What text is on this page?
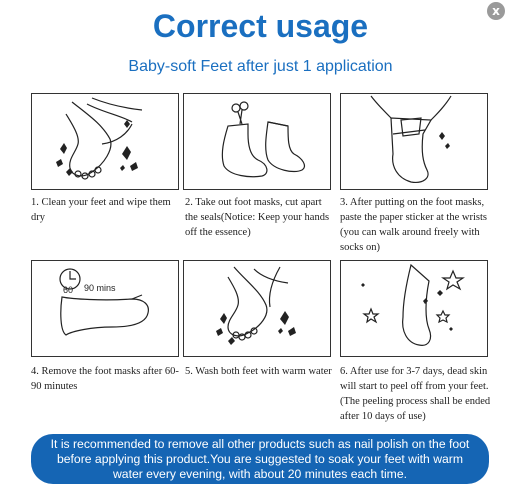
x
Correct usage
Baby-soft Feet after just 1 application
1. Clean your feet and wipe them dry
2. Take out foot masks, cut apart the seals(Notice: Keep your hands off the essence)
3. After putting on the foot masks, paste the paper sticker at the wrists (you can walk around freely with socks on)
60 90 mins
4. Remove the foot masks after 60-90 minutes
5. Wash both feet with warm water 6. After use for 3-7 days, dead skin will start to peel off from your feet. (The peeling process shall be ended after 10 days of use)
It is recommended to remove all other products such as nail polish on the foot before applying this product.You are suggested to soak your feet with warm water every evening, with about 20 minutes each time.
